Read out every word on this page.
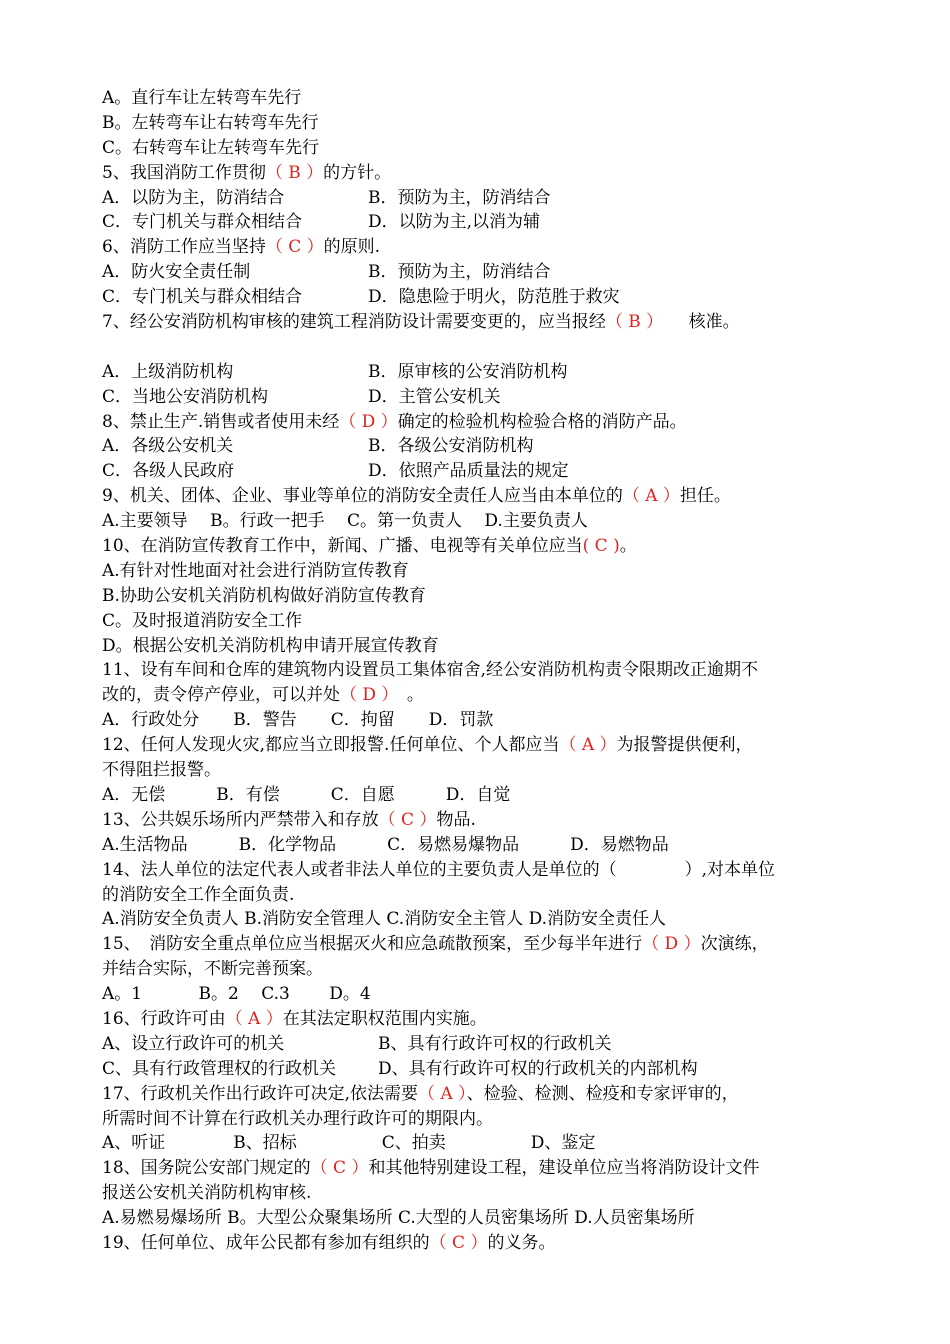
A。直行车让左转弯车先行
B。左转弯车让右转弯车先行
C。右转弯车让左转弯车先行
5、我国消防工作贯彻（ B ）的方针。
A．以防为主，防消结合	B．预防为主，防消结合
C．专门机关与群众相结合	D．以防为主,以消为辅
6、消防工作应当坚持（ C ）的原则.
A．防火安全责任制	B．预防为主，防消结合
C．专门机关与群众相结合	D．隐患险于明火，防范胜于救灾
7、经公安消防机构审核的建筑工程消防设计需要变更的，应当报经（ B ）　　核准。
A．上级消防机构	B．原审核的公安消防机构
C．当地公安消防机构	D．主管公安机关
8、禁止生产.销售或者使用未经（ D ）确定的检验机构检验合格的消防产品。
A．各级公安机关	B．各级公安消防机构
C．各级人民政府	D．依照产品质量法的规定
9、机关、团体、企业、事业等单位的消防安全责任人应当由本单位的（ A ）担任。
A.主要领导　 B。行政一把手　 C。第一负责人　 D.主要负责人
10、在消防宣传教育工作中，新闻、广播、电视等有关单位应当( C )。
A.有针对性地面对社会进行消防宣传教育
B.协助公安机关消防机构做好消防宣传教育
C。及时报道消防安全工作
D。根据公安机关消防机构申请开展宣传教育
11、设有车间和仓库的建筑物内设置员工集体宿舍,经公安消防机构责令限期改正逾期不
改的，责令停产停业，可以并处（ D ）　。
A．行政处分　　B．警告　　C．拘留　　D．罚款
12、任何人发现火灾,都应当立即报警.任何单位、个人都应当（ A ）为报警提供便利，
不得阻拦报警。
A．无偿　　　B．有偿　　　C．自愿　　　D．自觉
13、公共娱乐场所内严禁带入和存放（ C ）物品.
A.生活物品　　　B．化学物品　　　C．易燃易爆物品　　　D．易燃物品
14、法人单位的法定代表人或者非法人单位的主要负责人是单位的（　　　　）,对本单位
的消防安全工作全面负责.
A.消防安全负责人 B.消防安全管理人 C.消防安全主管人 D.消防安全责任人
15、　消防安全重点单位应当根据灭火和应急疏散预案，至少每半年进行（ D ）次演练，
并结合实际，不断完善预案。
A。1　　　 B。2　 C.3　　 D。4
16、行政许可由（ A ）在其法定职权范围内实施。
A、设立行政许可的机关	B、具有行政许可权的行政机关
C、具有行政管理权的行政机关	D、具有行政许可权的行政机关的内部机构
17、行政机关作出行政许可决定,依法需要（ A ）、检验、检测、检疫和专家评审的，
所需时间不计算在行政机关办理行政许可的期限内。
A、听证　　　　B、招标　　　　　C、拍卖　　　　　D、鉴定
18、国务院公安部门规定的（ C ）和其他特别建设工程，建设单位应当将消防设计文件
报送公安机关消防机构审核.
A.易燃易爆场所 B。大型公众聚集场所 C.大型的人员密集场所 D.人员密集场所
19、任何单位、成年公民都有参加有组织的（ C ）的义务。
